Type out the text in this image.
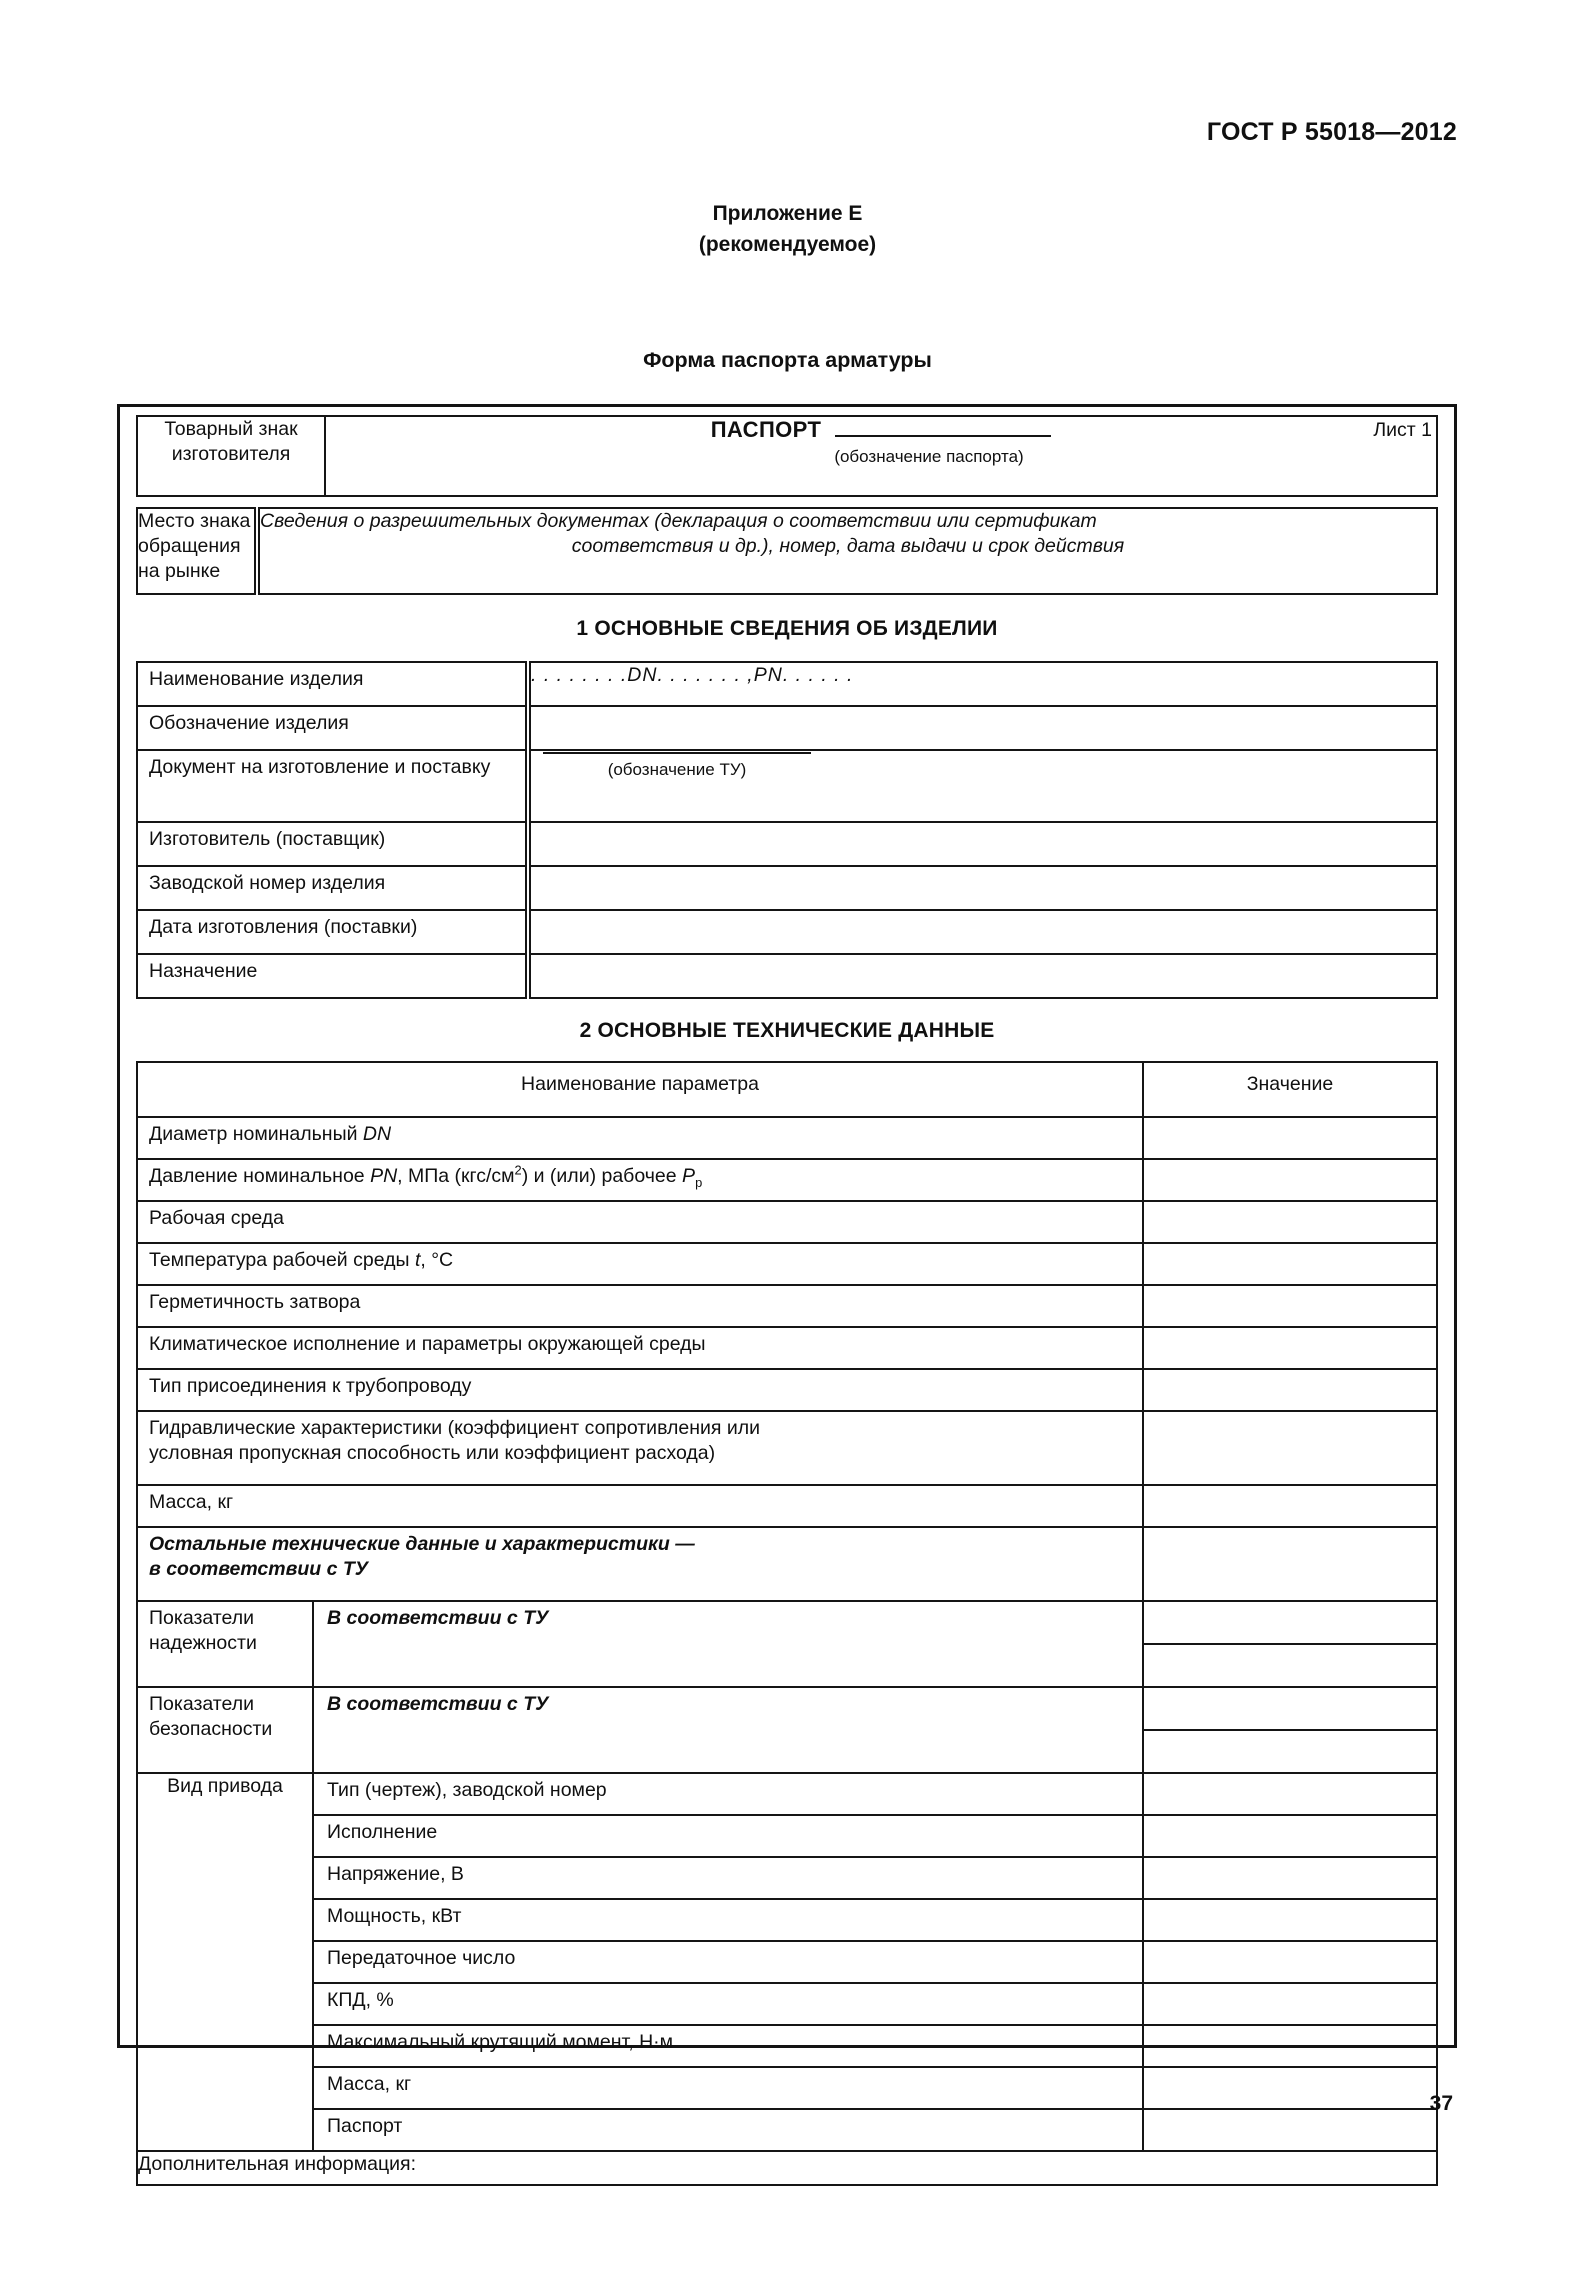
ГОСТ Р 55018—2012
Приложение Е
(рекомендуемое)
Форма паспорта арматуры
Товарный знак
изготовителя

ПАСПОРТ	Лист 1
(обозначение паспорта)
Место знака
обращения
на рынке

Сведения о разрешительных документах (декларация о соответствии или сертификат
соответствия и др.), номер, дата выдачи и срок действия
1 ОСНОВНЫЕ СВЕДЕНИЯ ОБ ИЗДЕЛИИ
Наименование изделия	. . . . . . . .DN. . . . . . . ,PN. . . . . .
Обозначение изделия	
Документ на изготовление и поставку	(обозначение ТУ)

Изготовитель (поставщик)	
Заводской номер изделия	
Дата изготовления (поставки)	
Назначение	
2 ОСНОВНЫЕ ТЕХНИЧЕСКИЕ ДАННЫЕ
Наименование параметра		Значение
Диаметр номинальный DN		
Давление номинальное PN, МПа $(кгс/см^2)$ и (или) рабочее $P_р$	
Рабочая среда		
Температура рабочей среды t, °С		
Герметичность затвора		
Климатическое исполнение и параметры окружающей среды		
Тип присоединения к трубопроводу		

Гидравлические характеристики (коэффициент сопротивления или
условная пропускная способность или коэффициент расхода)		

Масса, кг		

Остальные технические данные и характеристики —
в соответствии с ТУ		

Показатели
надежности	В соответствии с ТУ	

Показатели
безопасности	В соответствии с ТУ	

Вид привода	Тип (чертеж), заводской номер	
	Исполнение	
	Напряжение, В	
	Мощность, кВт	
	Передаточное число	
	КПД, %	
	Максимальный крутящий момент, Н·м	
	Масса, кг	
	Паспорт	
Дополнительная информация:		
37
